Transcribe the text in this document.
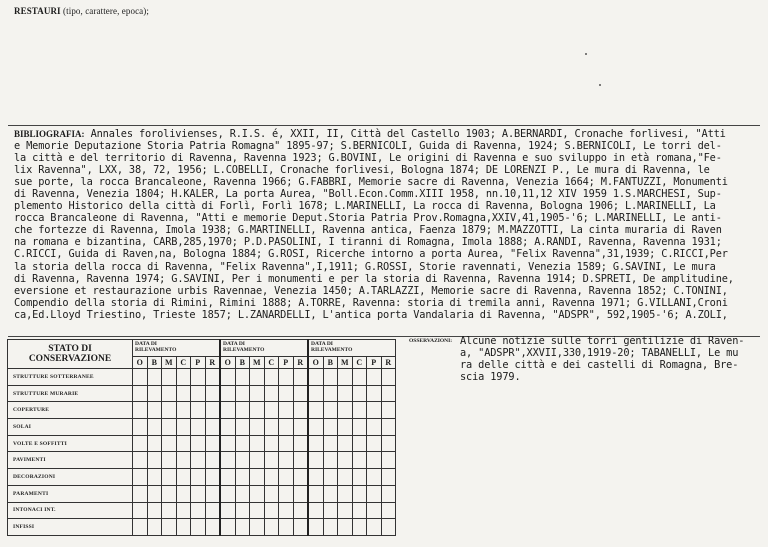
RESTAURI (tipo, carattere, epoca);
BIBLIOGRAFIA: Annales forolivienses, R.I.S. é, XXII, II, Città del Castello 1903; A.BERNARDI, Cronache forlivesi, "Atti
e Memorie Deputazione Storia Patria Romagna" 1895-97; S.BERNICOLI, Guida di Ravenna, 1924; S.BERNICOLI, Le torri del-
la città e del territorio di Ravenna, Ravenna 1923; G.BOVINI, Le origini di Ravenna e suo sviluppo in età romana,"Fe-
lix Ravenna", LXX, 38, 72, 1956; L.COBELLI, Cronache forlivesi, Bologna 1874; DE LORENZI P., Le mura di Ravenna, le
sue porte, la rocca Brancaleone, Ravenna 1966; G.FABBRI, Memorie sacre di Ravenna, Venezia 1664; M.FANTUZZI, Monumenti
di Ravenna, Venezia 1804; H.KALER, La porta Aurea, "Boll.Econ.Comm.XIII 1958, nn.10,11,12 XIV 1959 1.S.MARCHESI, Sup-
plemento Historico della città di Forlì, Forlì 1678; L.MARINELLI, La rocca di Ravenna, Bologna 1906; L.MARINELLI, La
rocca Brancaleone di Ravenna, "Atti e memorie Deput.Storia Patria Prov.Romagna,XXIV,41,1905-'6; L.MARINELLI, Le anti-
che fortezze di Ravenna, Imola 1938; G.MARTINELLI, Ravenna antica, Faenza 1879; M.MAZZOTTI, La cinta muraria di Raven
na romana e bizantina, CARB,285,1970; P.D.PASOLINI, I tiranni di Romagna, Imola 1888; A.RANDI, Ravenna, Ravenna 1931;
C.RICCI, Guida di Raven,na, Bologna 1884; G.ROSI, Ricerche intorno a porta Aurea, "Felix Ravenna",31,1939; C.RICCI,Per
la storia della rocca di Ravenna, "Felix Ravenna",I,1911; G.ROSSI, Storie ravennati, Venezia 1589; G.SAVINI, Le mura
di Ravenna, Ravenna 1974; G.SAVINI, Per i monumenti e per la storia di Ravenna, Ravenna 1914; D.SPRETI, De amplitudine,
eversione et restaurazione urbis Ravennae, Venezia 1450; A.TARLAZZI, Memorie sacre di Ravenna, Ravenna 1852; C.TONINI,
Compendio della storia di Rimini, Rimini 1888; A.TORRE, Ravenna: storia di tremila anni, Ravenna 1971; G.VILLANI,Croni
ca,Ed.Lloyd Triestino, Trieste 1857; L.ZANARDELLI, L'antica porta Vandalaria di Ravenna, "ADSPR", 592,1905-'6; A.ZOLI,
STATO DI CONSERVAZIONE	DATA DI
RILEVAMENTO						DATA DI
RILEVAMENTO						DATA DI
RILEVAMENTO					
	O	B	M	C	P	R	O	B	M	C	P	R	O	B	M	C	P	R
STRUTTURE SOTTERRANEE																		
STRUTTURE MURARIE																		
COPERTURE																		
SOLAI																		
VOLTE E SOFFITTI																		
PAVIMENTI																		
DECORAZIONI																		
PARAMENTI																		
INTONACI INT.																		
INFISSI																		
OSSERVAZIONI: Alcune notizie sulle torri gentilizie di Raven-
a, "ADSPR",XXVII,330,1919-20; TABANELLI, Le mu
ra delle città e dei castelli di Romagna, Bre-
scia 1979.
